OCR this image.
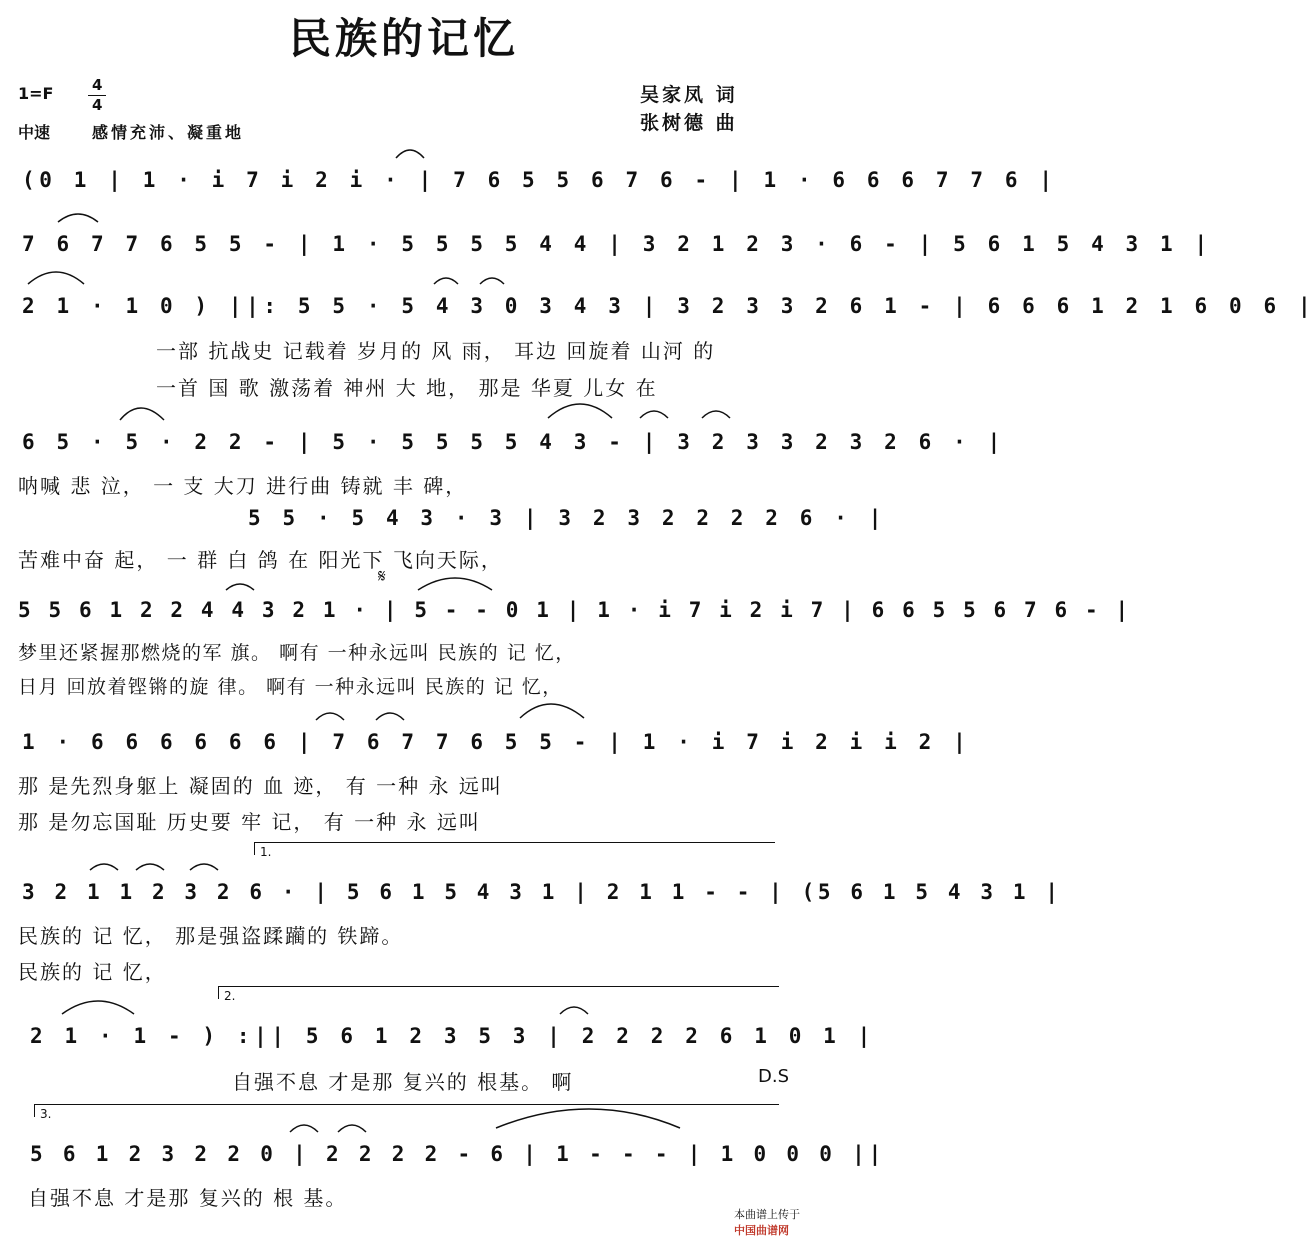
民族的记忆
1=F	4
4
中速	感情充沛、凝重地
吴家凤 词
张树德 曲
(0 1 | 1 · i 7 i 2 i · | 7 6 5 5 6 7 6 - | 1 · 6 6 6 7 7 6 |
7 6 7 7 6 5 5 - | 1 · 5 5 5 5 4 4 | 3 2 1 2 3 · 6 - | 5 6 1 5 4 3 1 |
2 1 · 1 0 ) ||: 5 5 · 5 4 3 0 3 4 3 | 3 2 3 3 2 6 1 - | 6 6 6 1 2 1 6 0 6 |
一部 抗战史 记载着 岁月的 风 雨， 耳边 回旋着 山河 的
一首 国 歌 激荡着 神州 大 地， 那是 华夏 儿女 在
6 5 · 5 · 2 2 - | 5 · 5 5 5 5 4 3 - | 3 2 3 3 2 3 2 6 · |
呐喊 悲 泣， 一 支 大刀 进行曲 铸就 丰 碑，
5 5 · 5 4 3 · 3 | 3 2 3 2 2 2 2 6 · |
苦难中奋 起， 一 群 白 鸽 在 阳光下 飞向天际，
𝄋
5 5 6 1 2 2 4 4 3 2 1 · | 5 - - 0 1 | 1 · i 7 i 2 i 7 | 6 6 5 5 6 7 6 - |
梦里还紧握那燃烧的军 旗。 啊有 一种永远叫 民族的 记 忆，
日月 回放着铿锵的旋 律。 啊有 一种永远叫 民族的 记 忆，
1 · 6 6 6 6 6 6 | 7 6 7 7 6 5 5 - | 1 · i 7 i 2 i i 2 |
那 是先烈身躯上 凝固的 血 迹， 有 一种 永 远叫
那 是勿忘国耻 历史要 牢 记， 有 一种 永 远叫
1.
3 2 1 1 2 3 2 6 · | 5 6 1 5 4 3 1 | 2 1 1 - - | (5 6 1 5 4 3 1 |
民族的 记 忆， 那是强盗蹂躏的 铁蹄。
民族的 记 忆，
2.
2 1 · 1 - ) :|| 5 6 1 2 3 5 3 | 2 2 2 2 6 1 0 1 |
自强不息 才是那 复兴的 根基。 啊	D.S
3.
5 6 1 2 3 2 2 0 | 2 2 2 2 - 6 | 1 - - - | 1 0 0 0 ||
自强不息 才是那 复兴的 根 基。

本曲谱上传于
中国曲谱网
